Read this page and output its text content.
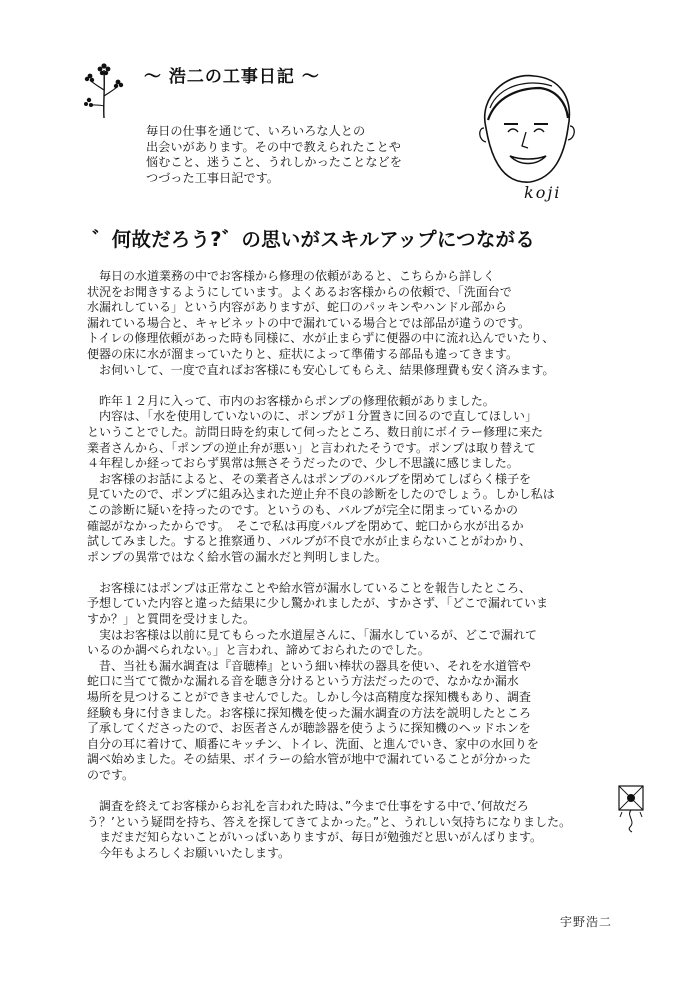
～ 浩二の工事日記 ～
毎日の仕事を通じて、いろいろな人との
出会いがあります。その中で教えられたことや
悩むこと、迷うこと、うれしかったことなどを
つづった工事日記です。
koji
゛何故だろう?゛の思いがスキルアップにつながる
　毎日の水道業務の中でお客様から修理の依頼があると、こちらから詳しく
状況をお聞きするようにしています。よくあるお客様からの依頼で、「洗面台で
水漏れしている」という内容がありますが、蛇口のパッキンやハンドル部から
漏れている場合と、キャビネットの中で漏れている場合とでは部品が違うのです。
トイレの修理依頼があった時も同様に、水が止まらずに便器の中に流れ込んでいたり、
便器の床に水が溜まっていたりと、症状によって準備する部品も違ってきます。
　お伺いして、一度で直ればお客様にも安心してもらえ、結果修理費も安く済みます。
　昨年１２月に入って、市内のお客様からポンプの修理依頼がありました。
　内容は、「水を使用していないのに、ポンプが１分置きに回るので直してほしい」
ということでした。訪問日時を約束して伺ったところ、数日前にボイラー修理に来た
業者さんから、「ポンプの逆止弁が悪い」と言われたそうです。ポンプは取り替えて
４年程しか経っておらず異常は無さそうだったので、少し不思議に感じました。
　お客様のお話によると、その業者さんはポンプのバルブを閉めてしばらく様子を
見ていたので、ポンプに組み込まれた逆止弁不良の診断をしたのでしょう。しかし私は
この診断に疑いを持ったのです。というのも、バルブが完全に閉まっているかの
確認がなかったからです。　そこで私は再度バルブを閉めて、蛇口から水が出るか
試してみました。すると推察通り、バルブが不良で水が止まらないことがわかり、
ポンプの異常ではなく給水管の漏水だと判明しました。
　お客様にはポンプは正常なことや給水管が漏水していることを報告したところ、
予想していた内容と違った結果に少し驚かれましたが、すかさず、「どこで漏れていま
すか？」と質問を受けました。
　実はお客様は以前に見てもらった水道屋さんに、「漏水しているが、どこで漏れて
いるのか調べられない。」と言われ、諦めておられたのでした。
　昔、当社も漏水調査は『音聴棒』という細い棒状の器具を使い、それを水道管や
蛇口に当てて微かな漏れる音を聴き分けるという方法だったので、なかなか漏水
場所を見つけることができませんでした。しかし今は高精度な探知機もあり、調査
経験も身に付きました。お客様に探知機を使った漏水調査の方法を説明したところ
了承してくださったので、お医者さんが聴診器を使うように探知機のヘッドホンを
自分の耳に着けて、順番にキッチン、トイレ、洗面、と進んでいき、家中の水回りを
調べ始めました。その結果、ボイラーの給水管が地中で漏れていることが分かった
のです。
　調査を終えてお客様からお礼を言われた時は、”今まで仕事をする中で、’何故だろ
う？’という疑問を持ち、答えを探してきてよかった。”と、うれしい気持ちになりました。
　まだまだ知らないことがいっぱいありますが、毎日が勉強だと思いがんばります。
　今年もよろしくお願いいたします。
宇野浩二
